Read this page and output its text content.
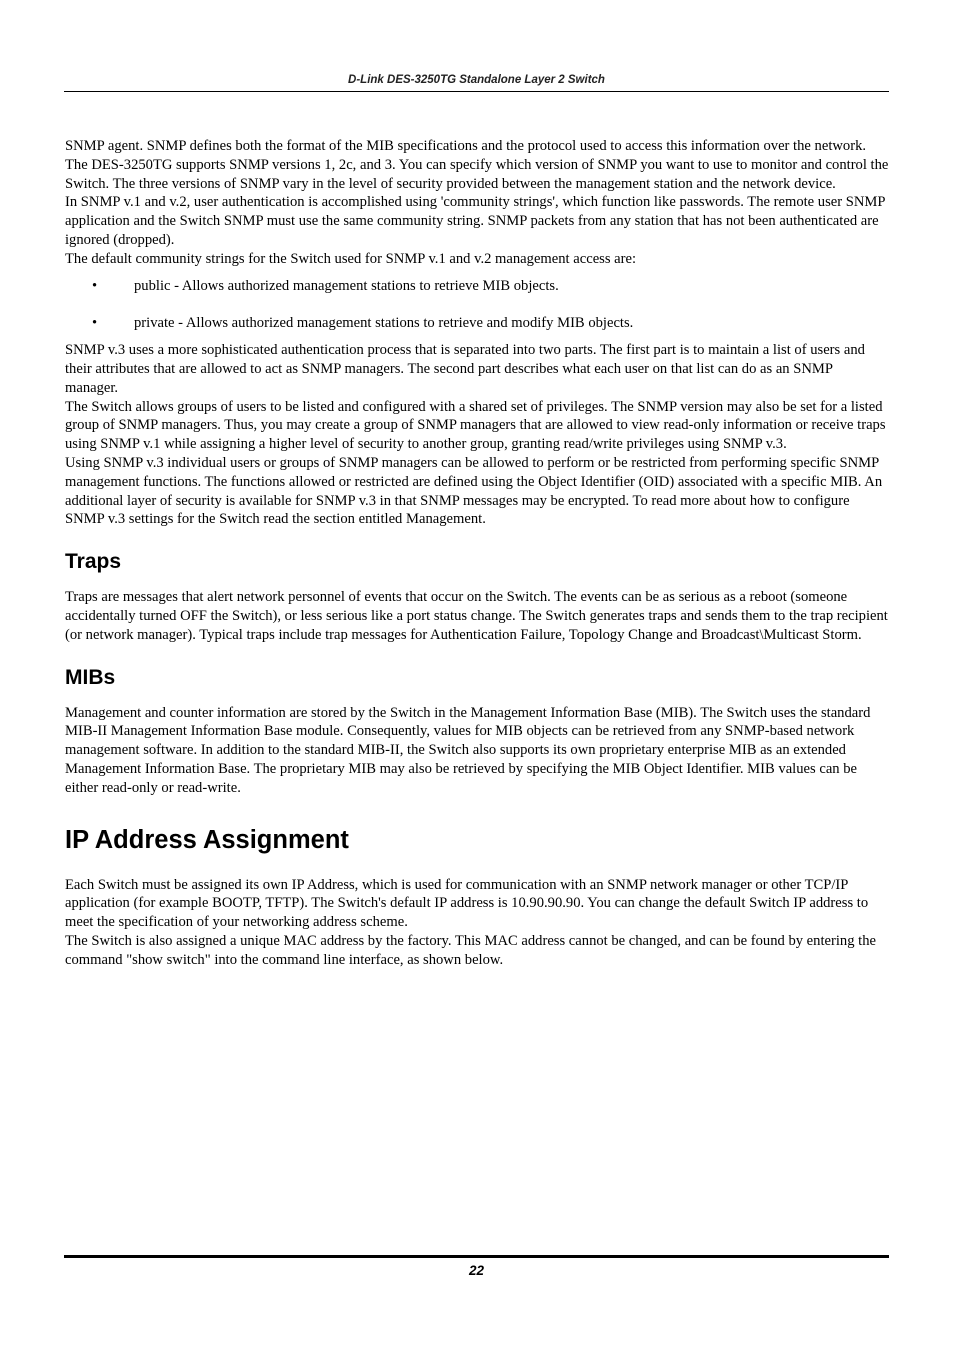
D-Link DES-3250TG Standalone Layer 2 Switch

SNMP agent. SNMP defines both the format of the MIB specifications and the protocol used to access this information over the network.

The DES-3250TG supports SNMP versions 1, 2c, and 3. You can specify which version of SNMP you want to use to monitor and control the Switch. The three versions of SNMP vary in the level of security provided between the management station and the network device.

In SNMP v.1 and v.2, user authentication is accomplished using 'community strings', which function like passwords. The remote user SNMP application and the Switch SNMP must use the same community string. SNMP packets from any station that has not been authenticated are ignored (dropped).

The default community strings for the Switch used for SNMP v.1 and v.2 management access are:

•	public - Allows authorized management stations to retrieve MIB objects.
•	private - Allows authorized management stations to retrieve and modify MIB objects.

SNMP v.3 uses a more sophisticated authentication process that is separated into two parts. The first part is to maintain a list of users and their attributes that are allowed to act as SNMP managers. The second part describes what each user on that list can do as an SNMP manager.

The Switch allows groups of users to be listed and configured with a shared set of privileges. The SNMP version may also be set for a listed group of SNMP managers. Thus, you may create a group of SNMP managers that are allowed to view read-only information or receive traps using SNMP v.1 while assigning a higher level of security to another group, granting read/write privileges using SNMP v.3.

Using SNMP v.3 individual users or groups of SNMP managers can be allowed to perform or be restricted from performing specific SNMP management functions. The functions allowed or restricted are defined using the Object Identifier (OID) associated with a specific MIB. An additional layer of security is available for SNMP v.3 in that SNMP messages may be encrypted. To read more about how to configure SNMP v.3 settings for the Switch read the section entitled Management.

Traps

Traps are messages that alert network personnel of events that occur on the Switch. The events can be as serious as a reboot (someone accidentally turned OFF the Switch), or less serious like a port status change. The Switch generates traps and sends them to the trap recipient (or network manager). Typical traps include trap messages for Authentication Failure, Topology Change and Broadcast\Multicast Storm.

MIBs

Management and counter information are stored by the Switch in the Management Information Base (MIB). The Switch uses the standard MIB-II Management Information Base module. Consequently, values for MIB objects can be retrieved from any SNMP-based network management software. In addition to the standard MIB-II, the Switch also supports its own proprietary enterprise MIB as an extended Management Information Base. The proprietary MIB may also be retrieved by specifying the MIB Object Identifier. MIB values can be either read-only or read-write.

IP Address Assignment

Each Switch must be assigned its own IP Address, which is used for communication with an SNMP network manager or other TCP/IP application (for example BOOTP, TFTP). The Switch's default IP address is 10.90.90.90. You can change the default Switch IP address to meet the specification of your networking address scheme.

The Switch is also assigned a unique MAC address by the factory. This MAC address cannot be changed, and can be found by entering the command "show switch" into the command line interface, as shown below.

22
